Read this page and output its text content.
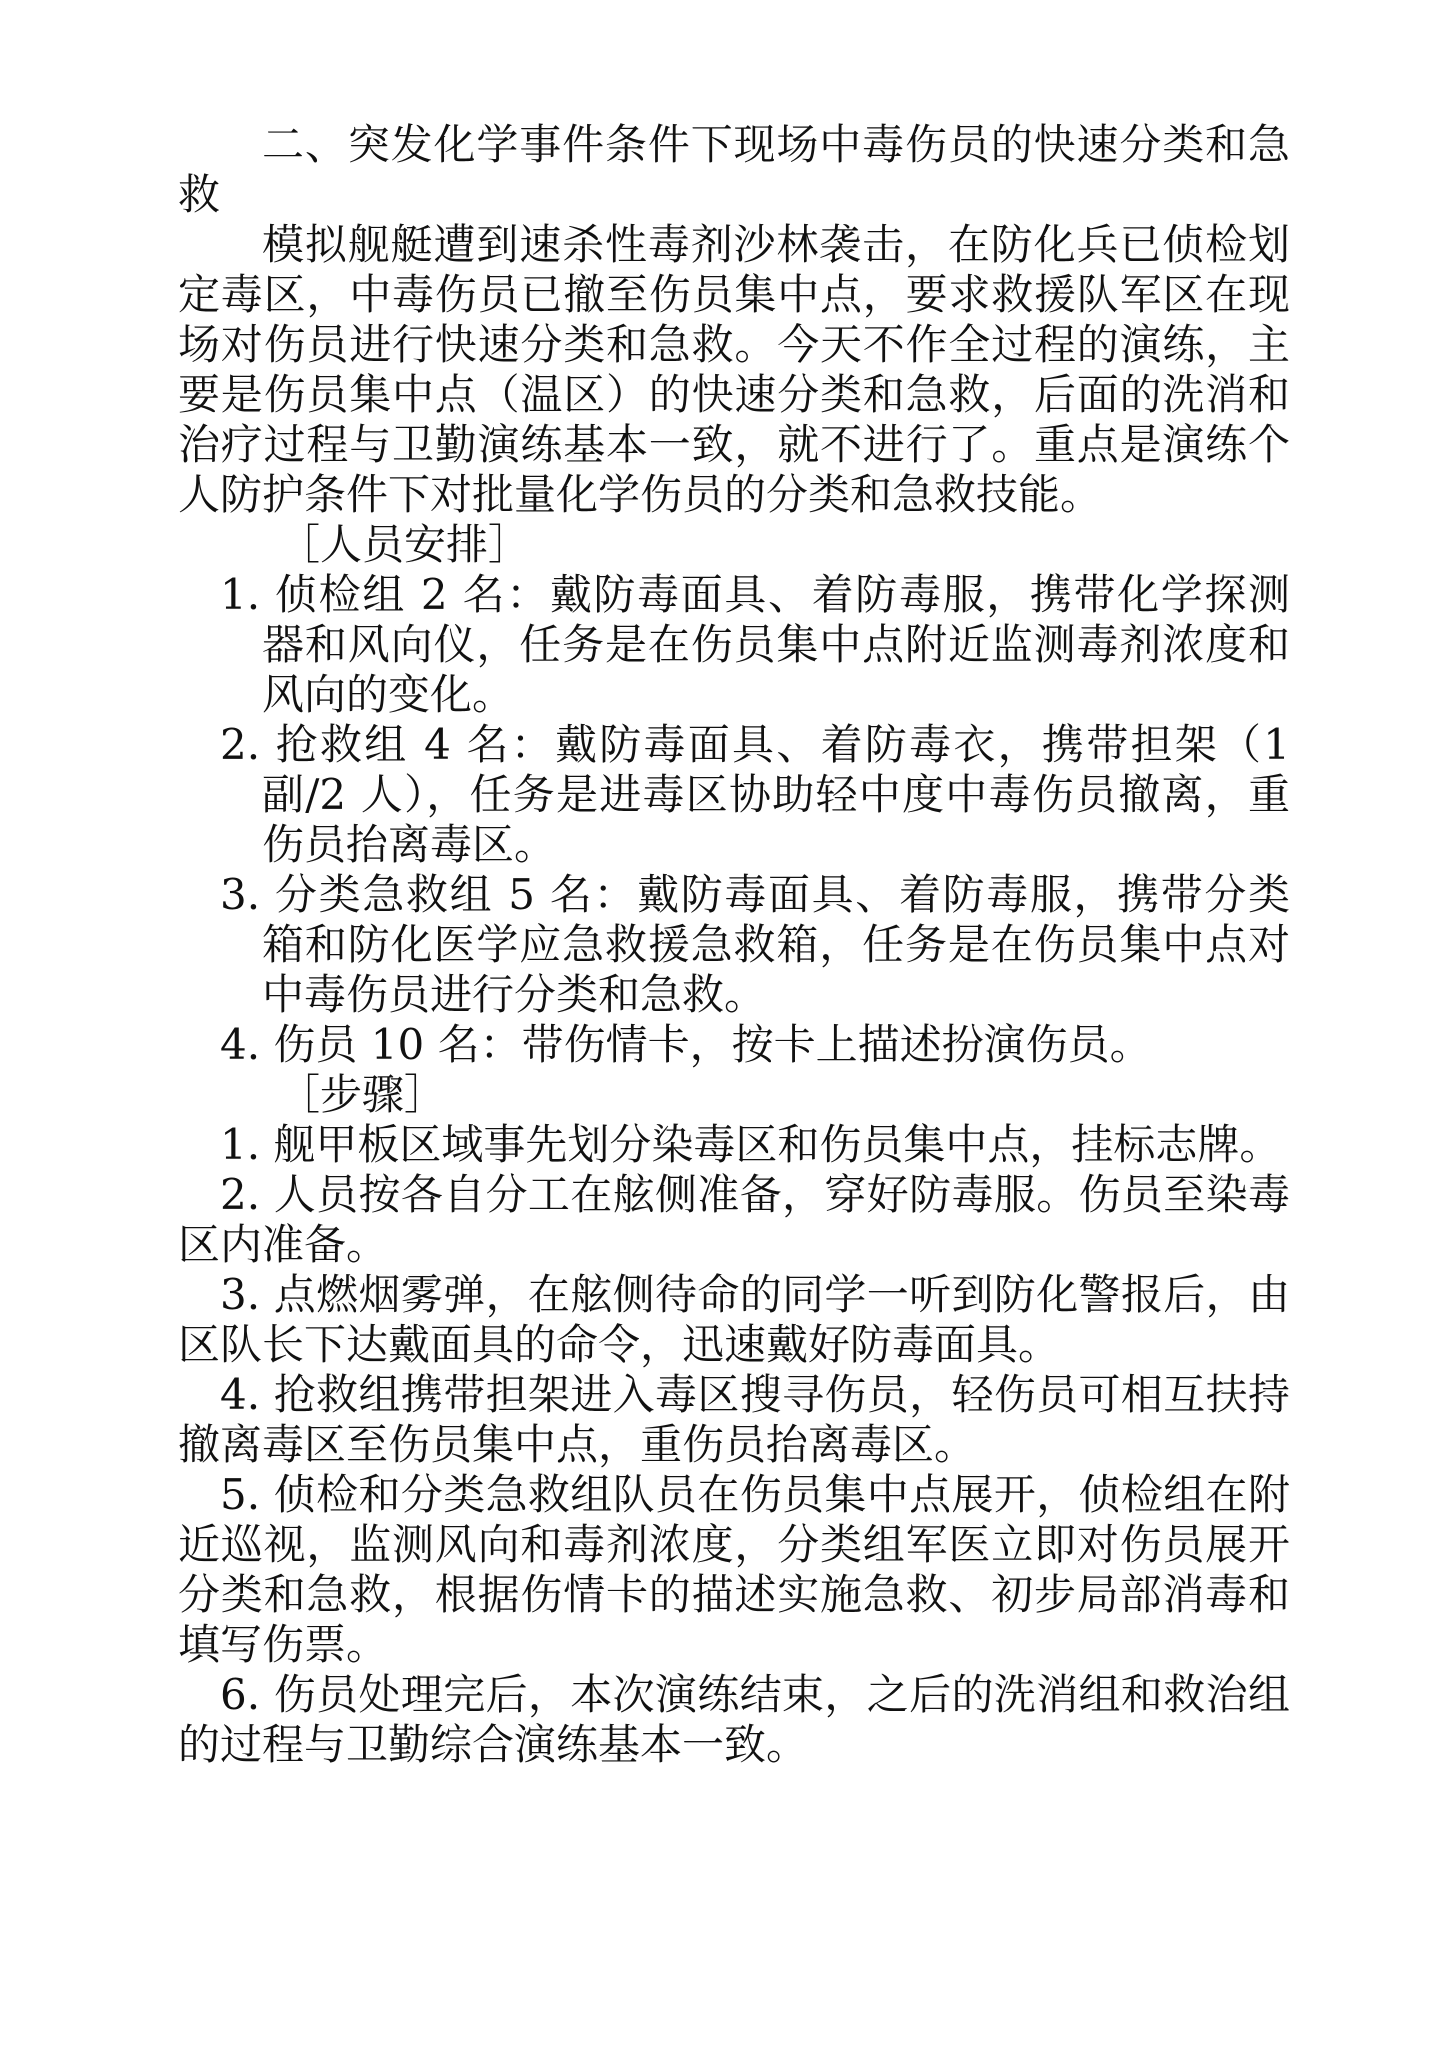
二、突发化学事件条件下现场中毒伤员的快速分类和急救

模拟舰艇遭到速杀性毒剂沙林袭击，在防化兵已侦检划定毒区，中毒伤员已撤至伤员集中点，要求救援队军区在现场对伤员进行快速分类和急救。今天不作全过程的演练，主要是伤员集中点（温区）的快速分类和急救，后面的洗消和治疗过程与卫勤演练基本一致，就不进行了。重点是演练个人防护条件下对批量化学伤员的分类和急救技能。

［人员安排］

1. 侦检组 2 名：戴防毒面具、着防毒服，携带化学探测器和风向仪，任务是在伤员集中点附近监测毒剂浓度和风向的变化。

2. 抢救组 4 名：戴防毒面具、着防毒衣，携带担架（1 副/2 人），任务是进毒区协助轻中度中毒伤员撤离，重伤员抬离毒区。

3. 分类急救组 5 名：戴防毒面具、着防毒服，携带分类箱和防化医学应急救援急救箱，任务是在伤员集中点对中毒伤员进行分类和急救。

4. 伤员 10 名：带伤情卡，按卡上描述扮演伤员。

［步骤］

1. 舰甲板区域事先划分染毒区和伤员集中点，挂标志牌。

2. 人员按各自分工在舷侧准备，穿好防毒服。伤员至染毒区内准备。

3. 点燃烟雾弹，在舷侧待命的同学一听到防化警报后，由区队长下达戴面具的命令，迅速戴好防毒面具。

4. 抢救组携带担架进入毒区搜寻伤员，轻伤员可相互扶持撤离毒区至伤员集中点，重伤员抬离毒区。

5. 侦检和分类急救组队员在伤员集中点展开，侦检组在附近巡视，监测风向和毒剂浓度，分类组军医立即对伤员展开分类和急救，根据伤情卡的描述实施急救、初步局部消毒和填写伤票。

6. 伤员处理完后，本次演练结束，之后的洗消组和救治组的过程与卫勤综合演练基本一致。
